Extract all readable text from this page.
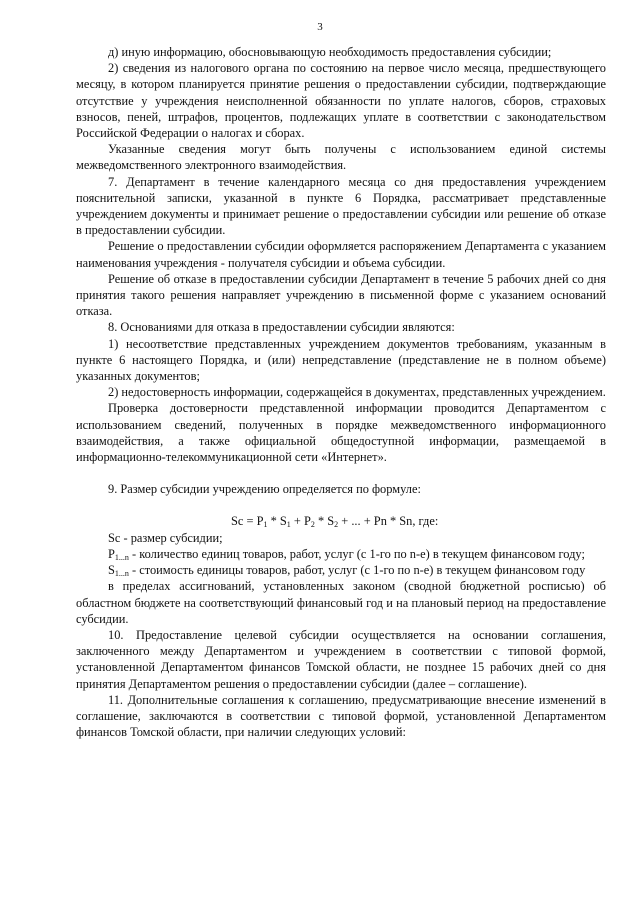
3

д) иную информацию, обосновывающую необходимость предоставления субсидии;

2) сведения из налогового органа по состоянию на первое число месяца, предшествующего месяцу, в котором планируется принятие решения о предоставлении субсидии, подтверждающие отсутствие у учреждения неисполненной обязанности по уплате налогов, сборов, страховых взносов, пеней, штрафов, процентов, подлежащих уплате в соответствии с законодательством Российской Федерации о налогах и сборах.

Указанные сведения могут быть получены с использованием единой системы межведомственного электронного взаимодействия.

7. Департамент в течение календарного месяца со дня предоставления учреждением пояснительной записки, указанной в пункте 6 Порядка, рассматривает представленные учреждением документы и принимает решение о предоставлении субсидии или решение об отказе в предоставлении субсидии.

Решение о предоставлении субсидии оформляется распоряжением Департамента с указанием наименования учреждения - получателя субсидии и объема субсидии.

Решение об отказе в предоставлении субсидии Департамент в течение 5 рабочих дней со дня принятия такого решения направляет учреждению в письменной форме с указанием оснований отказа.

8. Основаниями для отказа в предоставлении субсидии являются:

1) несоответствие представленных учреждением документов требованиям, указанным в пункте 6 настоящего Порядка, и (или) непредставление (представление не в полном объеме) указанных документов;

2) недостоверность информации, содержащейся в документах, представленных учреждением.

Проверка достоверности представленной информации проводится Департаментом с использованием сведений, полученных в порядке межведомственного информационного взаимодействия, а также официальной общедоступной информации, размещаемой в информационно-телекоммуникационной сети «Интернет».

9. Размер субсидии учреждению определяется по формуле:

$Sc = P_1 * S_1 + P_2 * S_2$ + ... + Pn * Sn, где:

Sc - размер субсидии;

$P_{1...n}$ - количество единиц товаров, работ, услуг (с 1-го по n-е) в текущем финансовом году;

$S_{1...n}$ - стоимость единицы товаров, работ, услуг (с 1-го по n-е) в текущем финансовом году

в пределах ассигнований, установленных законом (сводной бюджетной росписью) об областном бюджете на соответствующий финансовый год и на плановый период на предоставление субсидии.

10. Предоставление целевой субсидии осуществляется на основании соглашения, заключенного между Департаментом и учреждением в соответствии с типовой формой, установленной Департаментом финансов Томской области, не позднее 15 рабочих дней со дня принятия Департаментом решения о предоставлении субсидии (далее – соглашение).

11. Дополнительные соглашения к соглашению, предусматривающие внесение изменений в соглашение, заключаются в соответствии с типовой формой, установленной Департаментом финансов Томской области, при наличии следующих условий:
